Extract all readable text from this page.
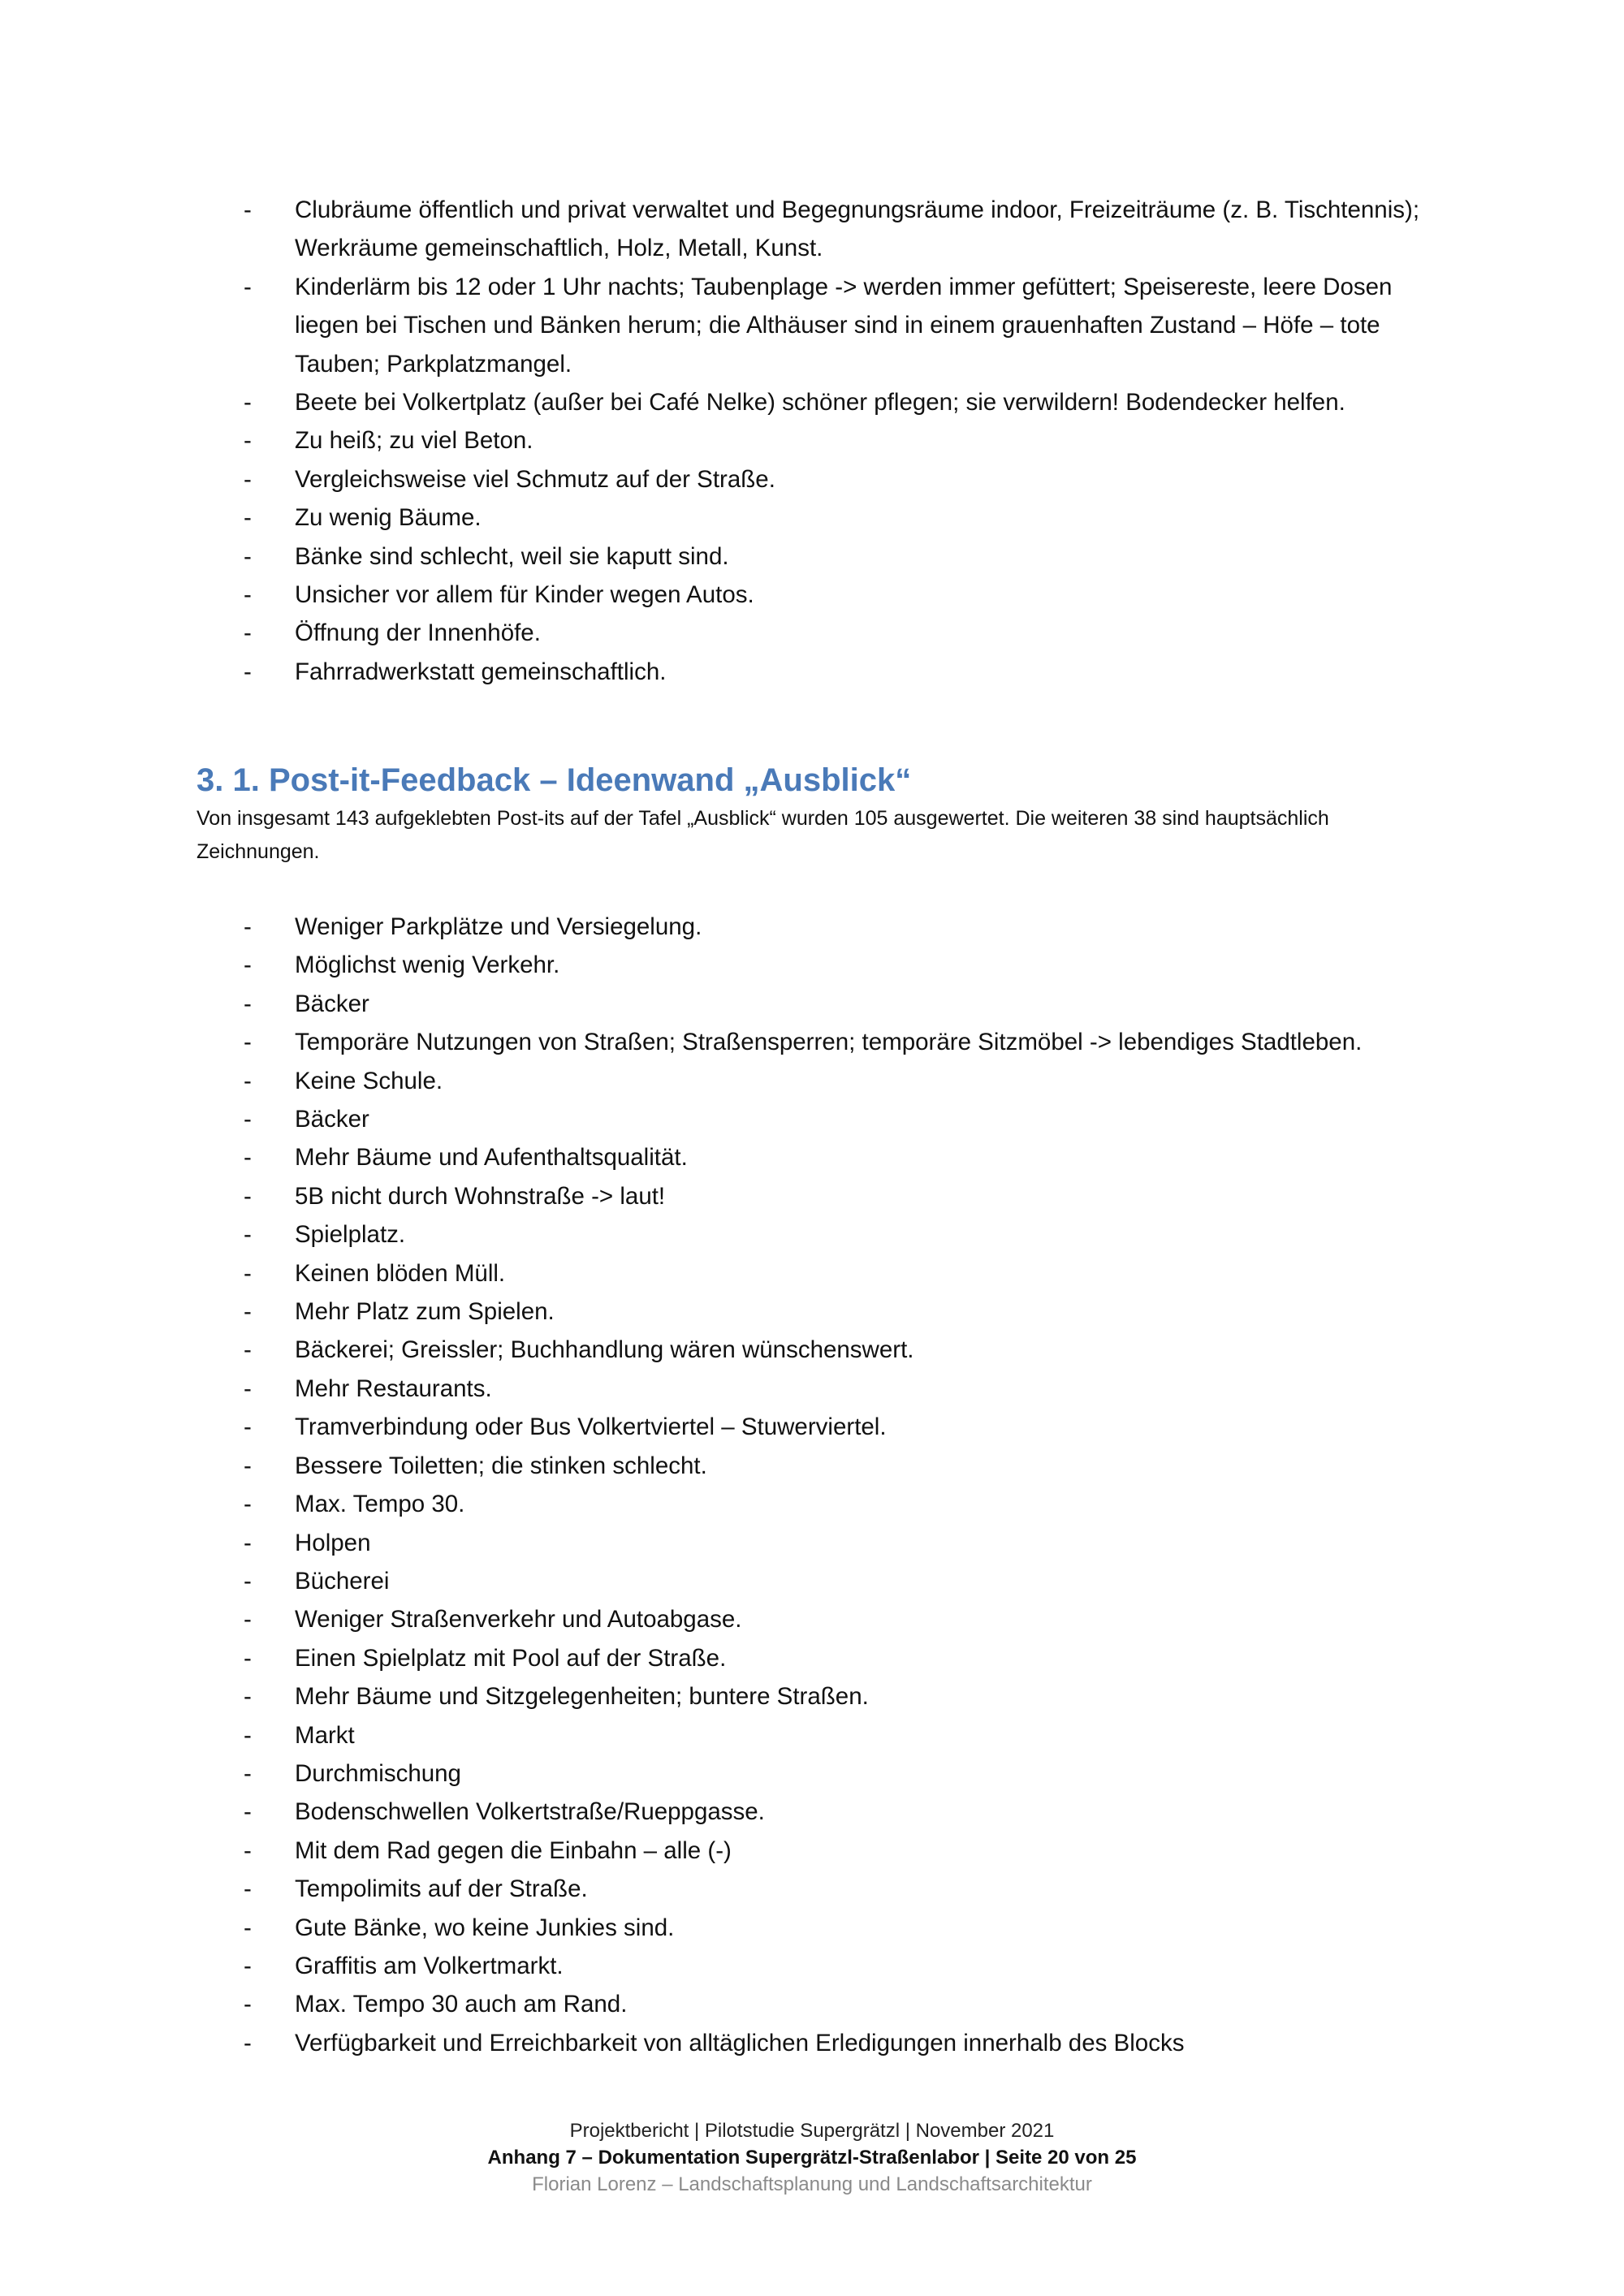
- Clubräume öffentlich und privat verwaltet und Begegnungsräume indoor, Freizeiträume (z. B. Tischtennis); Werkräume gemeinschaftlich, Holz, Metall, Kunst.
- Kinderlärm bis 12 oder 1 Uhr nachts; Taubenplage -> werden immer gefüttert; Speisereste, leere Dosen liegen bei Tischen und Bänken herum; die Althäuser sind in einem grauenhaften Zustand – Höfe – tote Tauben; Parkplatzmangel.
- Beete bei Volkertplatz (außer bei Café Nelke) schöner pflegen; sie verwildern! Bodendecker helfen.
- Zu heiß; zu viel Beton.
- Vergleichsweise viel Schmutz auf der Straße.
- Zu wenig Bäume.
- Bänke sind schlecht, weil sie kaputt sind.
- Unsicher vor allem für Kinder wegen Autos.
- Öffnung der Innenhöfe.
- Fahrradwerkstatt gemeinschaftlich.
3. 1. Post-it-Feedback – Ideenwand „Ausblick“

Von insgesamt 143 aufgeklebten Post-its auf der Tafel „Ausblick“ wurden 105 ausgewertet. Die weiteren 38 sind hauptsächlich Zeichnungen.

- Weniger Parkplätze und Versiegelung.
- Möglichst wenig Verkehr.
- Bäcker
- Temporäre Nutzungen von Straßen; Straßensperren; temporäre Sitzmöbel -> lebendiges Stadtleben.
- Keine Schule.
- Bäcker
- Mehr Bäume und Aufenthaltsqualität.
- 5B nicht durch Wohnstraße -> laut!
- Spielplatz.
- Keinen blöden Müll.
- Mehr Platz zum Spielen.
- Bäckerei; Greissler; Buchhandlung wären wünschenswert.
- Mehr Restaurants.
- Tramverbindung oder Bus Volkertviertel – Stuwerviertel.
- Bessere Toiletten; die stinken schlecht.
- Max. Tempo 30.
- Holpen
- Bücherei
- Weniger Straßenverkehr und Autoabgase.
- Einen Spielplatz mit Pool auf der Straße.
- Mehr Bäume und Sitzgelegenheiten; buntere Straßen.
- Markt
- Durchmischung
- Bodenschwellen Volkertstraße/Rueppgasse.
- Mit dem Rad gegen die Einbahn – alle (-)
- Tempolimits auf der Straße.
- Gute Bänke, wo keine Junkies sind.
- Graffitis am Volkertmarkt.
- Max. Tempo 30 auch am Rand.
- Verfügbarkeit und Erreichbarkeit von alltäglichen Erledigungen innerhalb des Blocks
Projektbericht | Pilotstudie Supergrätzl | November 2021
Anhang 7 – Dokumentation Supergrätzl-Straßenlabor | Seite 20 von 25
Florian Lorenz – Landschaftsplanung und Landschaftsarchitektur
